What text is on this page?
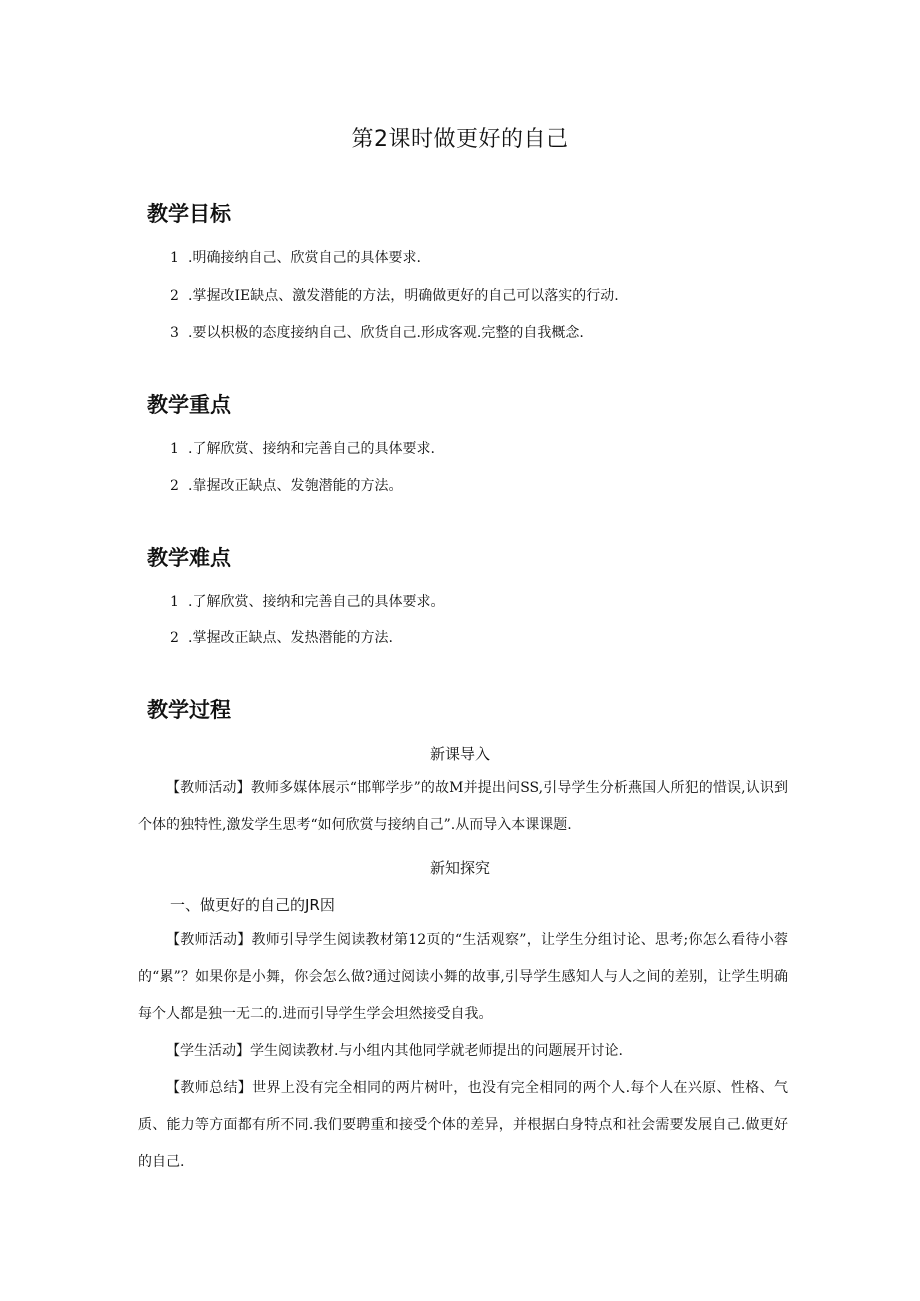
第2课时做更好的自己
教学目标
1 .明确接纳自己、欣赏自己的具体要求.
2 .掌握改IE缺点、激发潜能的方法，明确做更好的自己可以落实的行动.
3 .要以枳极的态度接纳自己、欣货自己.形成客观.完整的自我概念.
教学重点
1 .了解欣赏、接纳和完善自己的具体要求.
2 .靠握改正缺点、发匏潜能的方法。
教学难点
1 .了解欣赏、接纳和完善自己的具体要求。
2 .掌握改正缺点、发热潜能的方法.
教学过程
新课导入
【教师活动】教师多媒体展示“邯郸学步”的故M并提出问SS,引导学生分析燕国人所犯的惜误,认识到个体的独特性,激发学生思考“如何欣赏与接纳自己”.从而导入本课课题.
新知探究
一、做更好的自己的JR因
【教师活动】教师引导学生阅读教材第12页的“生活观察”，让学生分组讨论、思考;你怎么看待小蓉的“累”？如果你是小舞，你会怎么做?通过阅读小舞的故事,引导学生感知人与人之间的差别，让学生明确每个人都是独一无二的.进而引导学生学会坦然接受自我。
【学生活动】学生阅读教材.与小组内其他同学就老师提出的问题展开讨论.
【教师总结】世界上没有完全相同的两片树叶，也没有完全相同的两个人.每个人在兴原、性格、气质、能力等方面都有所不同.我们要聘重和接受个体的差异，并根据白身特点和社会需要发展自己.做更好的自己.
